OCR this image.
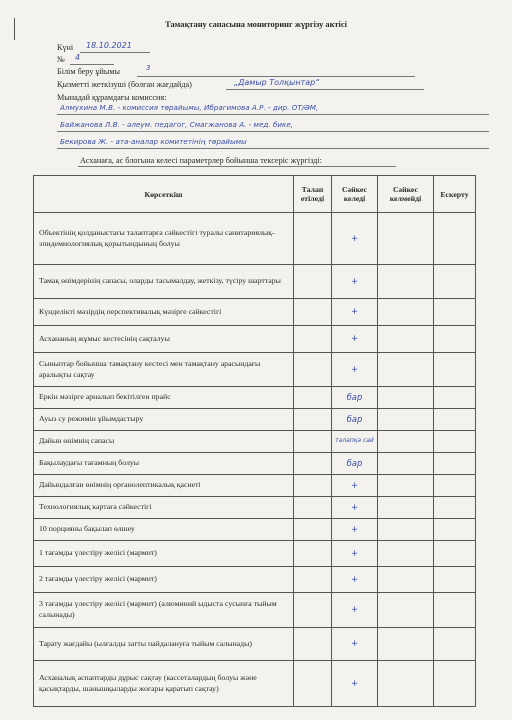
Тамақтану сапасына мониторинг жүргізу актісі
Күні 18.10.2021
№ 4
Білім беру ұйымы	3
Қызметті жеткізуші (болған жағдайда)	„Дамыр Толқынтар“
Мынадай құрамдағы комиссия:
Алмухина М.В. - комиссия төрайымы, Ибрагимова А.Р. - дир. ОТ/ӘМ,
Байжанова Л.В. - әлеум. педагог, Смагжанова А. - мед. бике,
Бекирова Ж. - ата-аналар комитетінің төрайымы
Асханаға, ас блогына келесі параметрлер бойынша тексеріс жүргізді:
Көрсеткіш	Талап етіледі	Сәйкес келеді	Сәйкес келмейді	Ескерту
Объектінің қолданыстағы талаптарға сәйкестігі туралы санитариялық-эпидемиологиялық қорытындының болуы		+		
Тамақ өнімдерінің сапасы, оларды тасымалдау, жеткізу, түсіру шарттары		+		
Күнделікті мәзірдің перспективалық мәзірге сәйкестігі		+		
Асхананың жұмыс кестесінің сақталуы		+		
Сыныптар бойынша тамақтану кестесі мен тамақтану арасындағы аралықты сақтау		+		
Еркін мәзірге арналып бекітілген прайс		бар		
Ауыз су режимін ұйымдастыру		бар		
Дайын өнімнің сапасы		талапқа сай		
Бақылаудағы тағамның болуы		бар		
Дайындалған өнімнің органолептикалық қасиеті		+		
Технологиялық картаға сәйкестігі		+		
10 порцияны бақылап өлшеу		+		
1 тағамды үлестіру желісі (мармит)		+		
2 тағамды үлестіру желісі (мармит)		+		
3 тағамды үлестіру желісі (мармит) (алюминий ыдыста сусынға тыйым салынады)		+		
Тарату жағдайы (ылғалды затты пайдалануға тыйым салынады)		+		
Асханалық аспаптарды дұрыс сақтау (кассеталардың болуы және қасықтарды, шанышқыларды жоғары қаратып сақтау)		+		
